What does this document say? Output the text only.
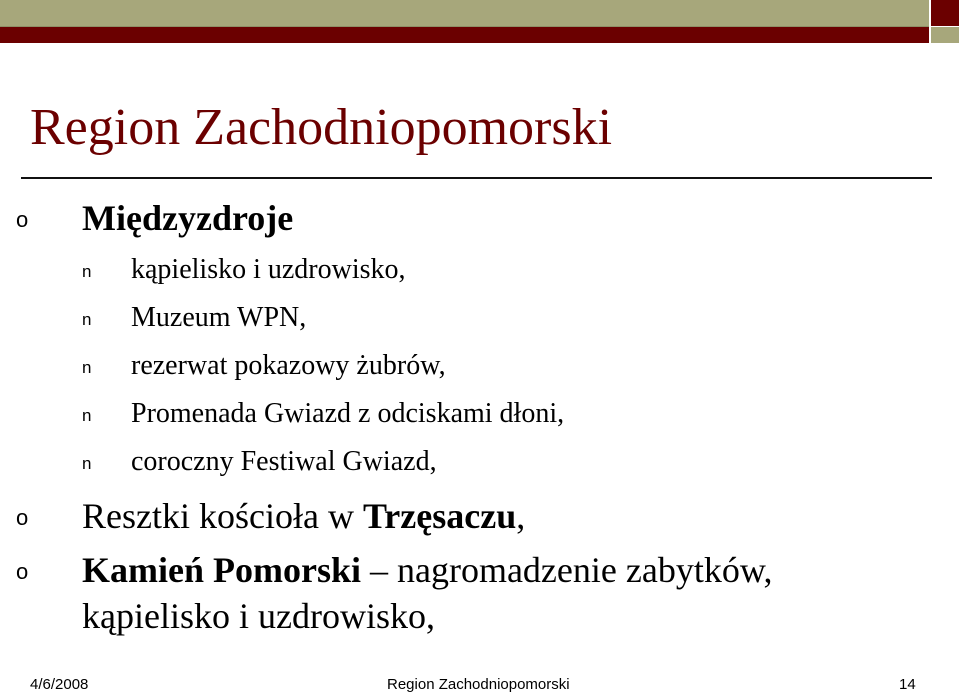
Region Zachodniopomorski
o Międzyzdroje
n kąpielisko i uzdrowisko,
n Muzeum WPN,
n rezerwat pokazowy żubrów,
n Promenada Gwiazd z odciskami dłoni,
n coroczny Festiwal Gwiazd,
o Resztki kościoła w Trzęsaczu,
o Kamień Pomorski – nagromadzenie zabytków,
kąpielisko i uzdrowisko,
4/6/2008	Region Zachodniopomorski	14
